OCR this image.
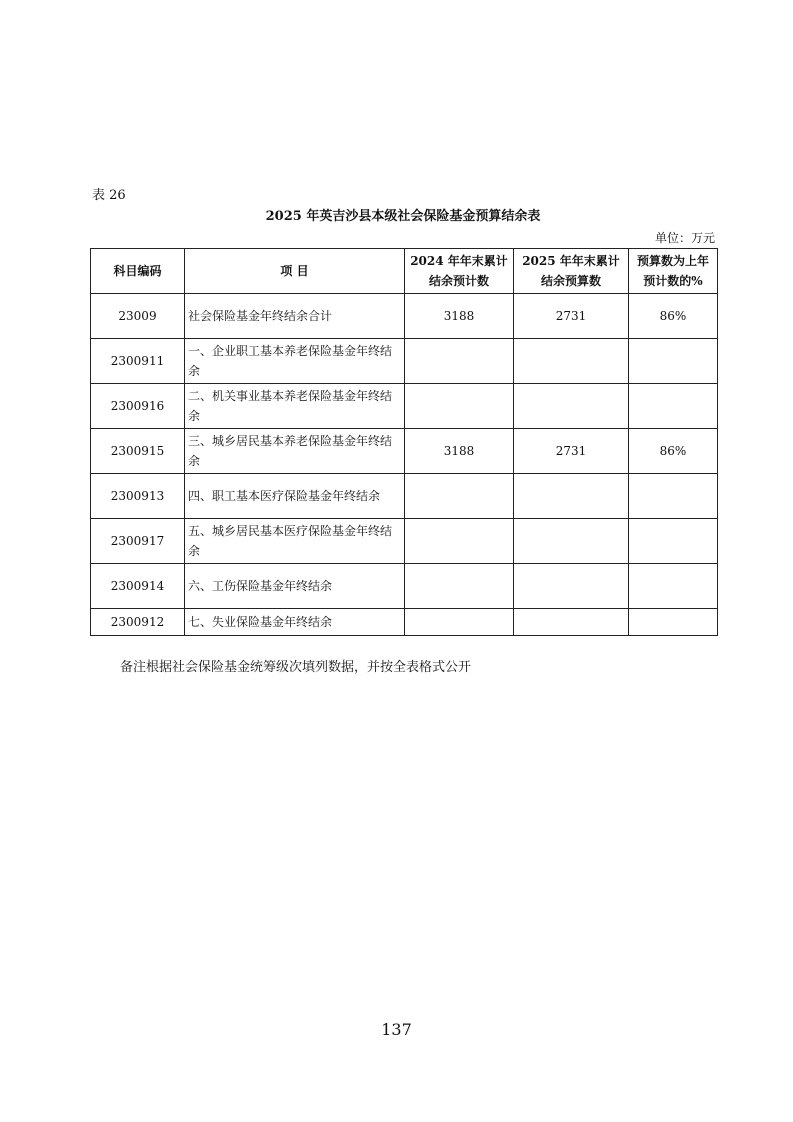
表 26
2025 年英吉沙县本级社会保险基金预算结余表
单位：万元
科目编码	项 目	2024 年年末累计结余预计数	2025 年年末累计结余预算数	预算数为上年预计数的%
23009	社会保险基金年终结余合计	3188	2731	86%
2300911	一、企业职工基本养老保险基金年终结余			
2300916	二、机关事业基本养老保险基金年终结余			
2300915	三、城乡居民基本养老保险基金年终结余	3188	2731	86%
2300913	四、职工基本医疗保险基金年终结余			
2300917	五、城乡居民基本医疗保险基金年终结余			
2300914	六、工伤保险基金年终结余			
2300912	七、失业保险基金年终结余			
备注根据社会保险基金统筹级次填列数据，并按全表格式公开
137
